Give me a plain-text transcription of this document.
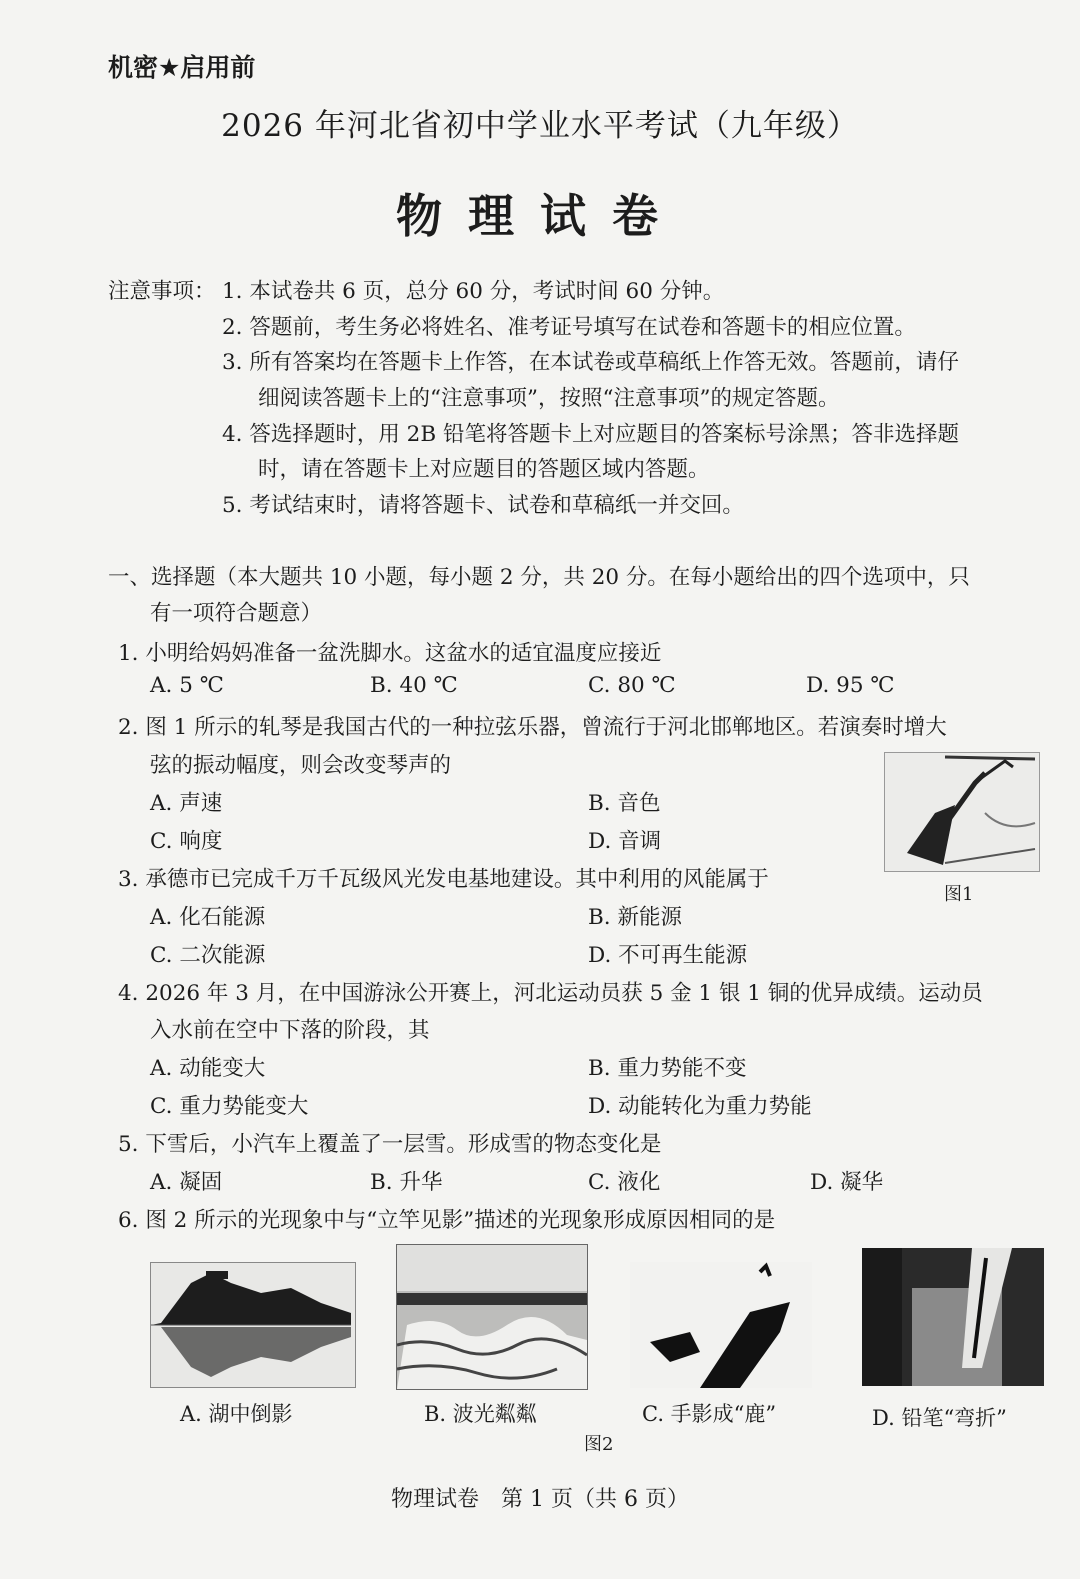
机密★启用前
2026 年河北省初中学业水平考试（九年级）
物理试卷
注意事项： 1. 本试卷共 6 页，总分 60 分，考试时间 60 分钟。
2. 答题前，考生务必将姓名、准考证号填写在试卷和答题卡的相应位置。
3. 所有答案均在答题卡上作答，在本试卷或草稿纸上作答无效。答题前，请仔
细阅读答题卡上的“注意事项”，按照“注意事项”的规定答题。
4. 答选择题时，用 2B 铅笔将答题卡上对应题目的答案标号涂黑；答非选择题
时，请在答题卡上对应题目的答题区域内答题。
5. 考试结束时，请将答题卡、试卷和草稿纸一并交回。
一、选择题（本大题共 10 小题，每小题 2 分，共 20 分。在每小题给出的四个选项中，只
有一项符合题意）
1. 小明给妈妈准备一盆洗脚水。这盆水的适宜温度应接近
A. 5 ℃	B. 40 ℃	C. 80 ℃	D. 95 ℃
2. 图 1 所示的轧琴是我国古代的一种拉弦乐器，曾流行于河北邯郸地区。若演奏时增大
弦的振动幅度，则会改变琴声的
A. 声速	B. 音色
C. 响度	D. 音调
图1
3. 承德市已完成千万千瓦级风光发电基地建设。其中利用的风能属于
A. 化石能源	B. 新能源
C. 二次能源	D. 不可再生能源
4. 2026 年 3 月，在中国游泳公开赛上，河北运动员获 5 金 1 银 1 铜的优异成绩。运动员
入水前在空中下落的阶段，其
A. 动能变大	B. 重力势能不变
C. 重力势能变大	D. 动能转化为重力势能
5. 下雪后，小汽车上覆盖了一层雪。形成雪的物态变化是
A. 凝固	B. 升华	C. 液化	D. 凝华
6. 图 2 所示的光现象中与“立竿见影”描述的光现象形成原因相同的是
A. 湖中倒影	B. 波光粼粼	C. 手影成“鹿”	D. 铅笔“弯折”
图2
物理试卷　第 1 页（共 6 页）
